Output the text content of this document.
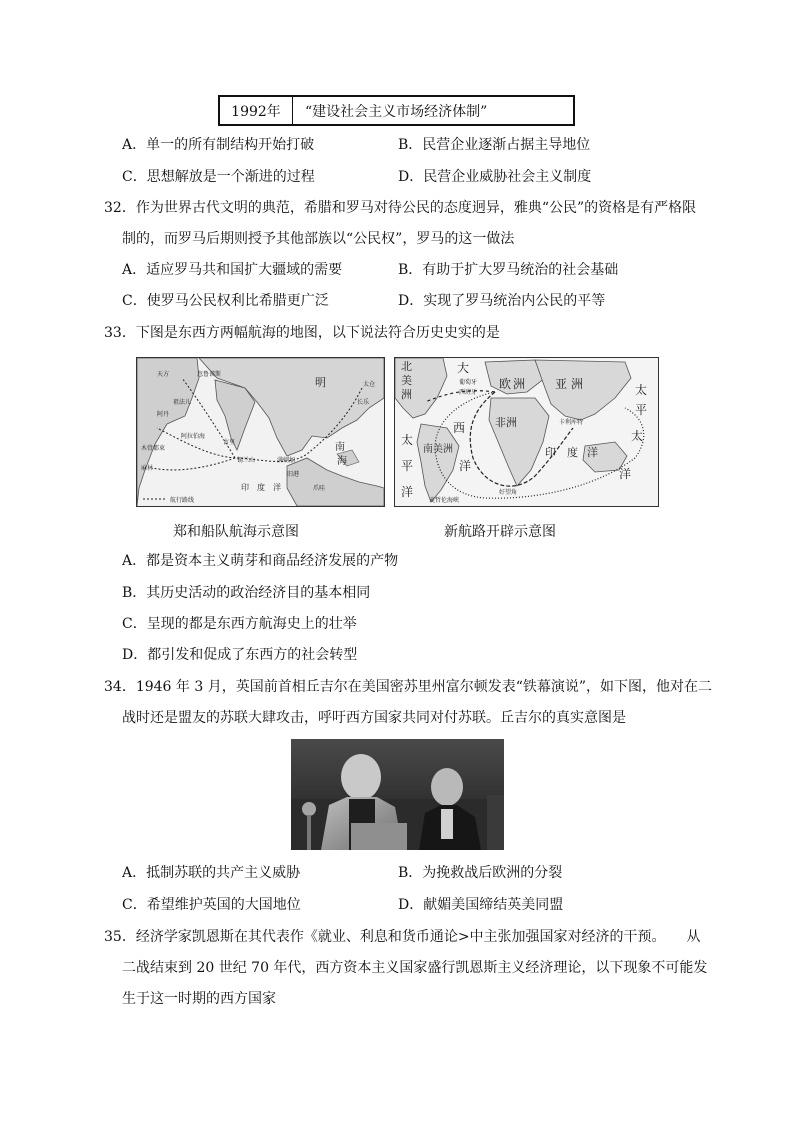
1992年	“建设社会主义市场经济体制”
A．单一的所有制结构开始打破	B．民营企业逐渐占据主导地位
C．思想解放是一个渐进的过程	D．民营企业威胁社会主义制度
32．作为世界古代文明的典范，希腊和罗马对待公民的态度迥异，雅典“公民”的资格是有严格限
制的，而罗马后期则授予其他部族以“公民权”，罗马的这一做法
A．适应罗马共和国扩大疆域的需要	B．有助于扩大罗马统治的社会基础
C．使罗马公民权利比希腊更广泛	D．实现了罗马统治内公民的平等
33．下图是东西方两幅航海的地图，以下说法符合历史史实的是
航行路线
明
南
海
印　度　洋
天方	忽鲁谟斯
阿丹
祖法儿
古里
锡兰山	满剌加
旧港
太仓
长乐
爪哇
阿拉伯海
木骨都束
麻林
北
美
洲
大
欧 洲 亚 洲	太
平
洋
西	非洲
南美洲	印　度 洋
太
平
洋
洋
太
葡萄牙
西班牙
好望角
麦哲伦海峡
卡利库特
郑和船队航海示意图	新航路开辟示意图
A．都是资本主义萌芽和商品经济发展的产物
B．其历史活动的政治经济目的基本相同
C．呈现的都是东西方航海史上的壮举
D．都引发和促成了东西方的社会转型
34．1946 年 3 月，英国前首相丘吉尔在美国密苏里州富尔顿发表“铁幕演说”，如下图，他对在二
战时还是盟友的苏联大肆攻击，呼吁西方国家共同对付苏联。丘吉尔的真实意图是
A．抵制苏联的共产主义威胁	B．为挽救战后欧洲的分裂
C．希望维护英国的大国地位	D．献媚美国缔结英美同盟
35．经济学家凯恩斯在其代表作《就业、利息和货币通论>中主张加强国家对经济的干预。　　从
二战结束到 20 世纪 70 年代，西方资本主义国家盛行凯恩斯主义经济理论，以下现象不可能发
生于这一时期的西方国家
